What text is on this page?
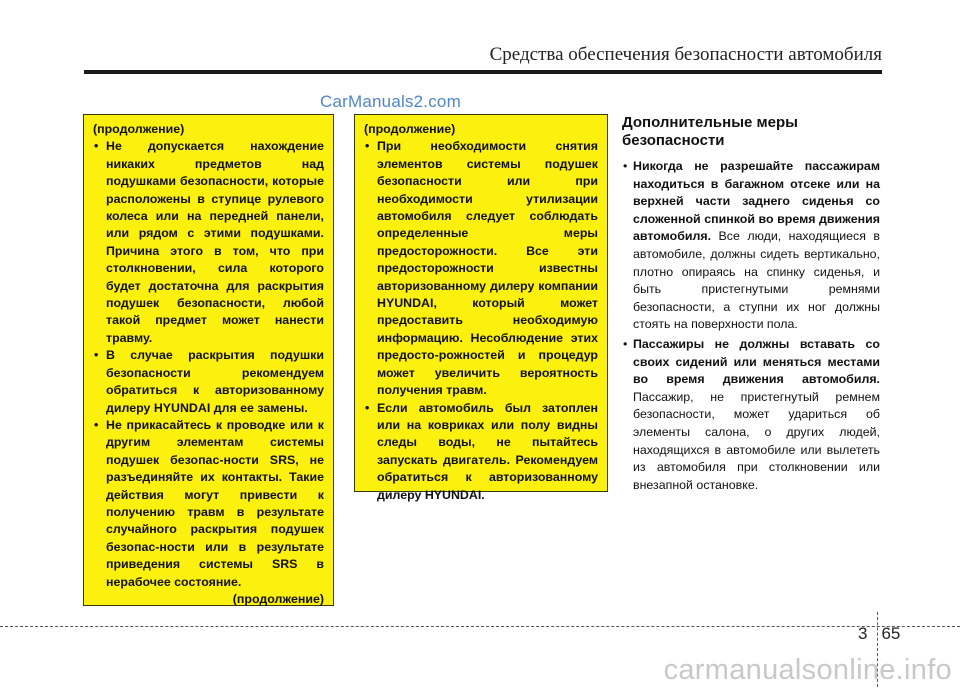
Средства обеспечения безопасности автомобиля
CarManuals2.com
(продолжение)
• Не допускается нахождение никаких предметов над подушками безопасности, которые расположены в ступице рулевого колеса или на передней панели, или рядом с этими подушками. Причина этого в том, что при столкновении, сила которого будет достаточна для раскрытия подушек безопасности, любой такой предмет может нанести травму.
• В случае раскрытия подушки безопасности рекомендуем обратиться к авторизованному дилеру HYUNDAI для ее замены.
• Не прикасайтесь к проводке или к другим элементам системы подушек безопас-ности SRS, не разъединяйте их контакты. Такие действия могут привести к получению травм в результате случайного раскрытия подушек безопас-ности или в результате приведения системы SRS в нерабочее состояние.
(продолжение)
(продолжение)
• При необходимости снятия элементов системы подушек безопасности или при необходимости утилизации автомобиля следует соблюдать определенные меры предосторожности. Все эти предосторожности известны авторизованному дилеру компании HYUNDAI, который может предоставить необходимую информацию. Несоблюдение этих предосто-рожностей и процедур может увеличить вероятность получения травм.
• Если автомобиль был затоплен или на ковриках или полу видны следы воды, не пытайтесь запускать двигатель. Рекомендуем обратиться к авторизованному дилеру HYUNDAI.
Дополнительные меры безопасности
• Никогда не разрешайте пассажирам находиться в багажном отсеке или на верхней части заднего сиденья со сложенной спинкой во время движения автомобиля. Все люди, находящиеся в автомобиле, должны сидеть вертикально, плотно опираясь на спинку сиденья, и быть пристегнутыми ремнями безопасности, а ступни их ног должны стоять на поверхности пола.
• Пассажиры не должны вставать со своих сидений или меняться местами во время движения автомобиля. Пассажир, не пристегнутый ремнем безопасности, может удариться об элементы салона, о других людей, находящихся в автомобиле или вылететь из автомобиля при столкновении или внезапной остановке.
3 65
carmanualsonline.info
